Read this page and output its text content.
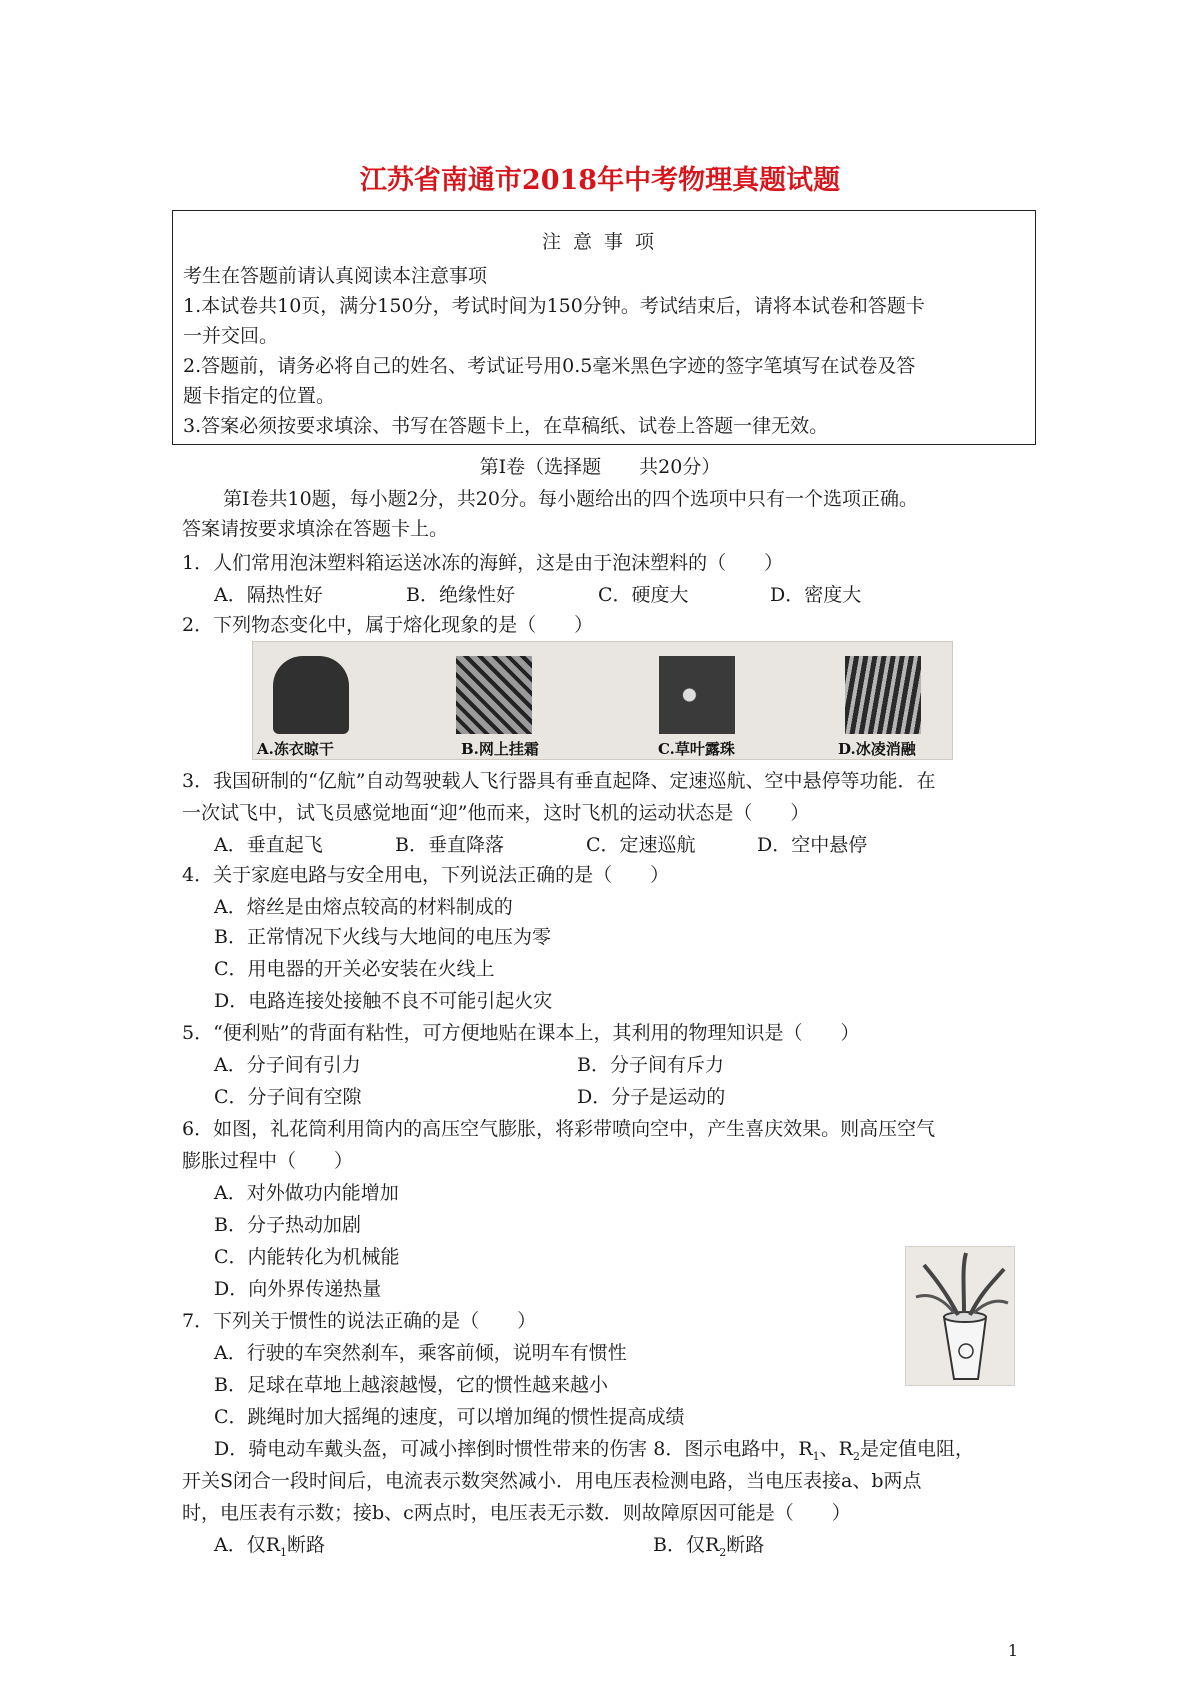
江苏省南通市2018年中考物理真题试题
注意事项
考生在答题前请认真阅读本注意事项
1.本试卷共10页，满分150分，考试时间为150分钟。考试结束后，请将本试卷和答题卡
一并交回。
2.答题前，请务必将自己的姓名、考试证号用0.5毫米黑色字迹的签字笔填写在试卷及答
题卡指定的位置。
3.答案必须按要求填涂、书写在答题卡上，在草稿纸、试卷上答题一律无效。
第Ⅰ卷（选择题　　共20分）
第Ⅰ卷共10题，每小题2分，共20分。每小题给出的四个选项中只有一个选项正确。
答案请按要求填涂在答题卡上。
1．人们常用泡沫塑料箱运送冰冻的海鲜，这是由于泡沫塑料的（　　）
A．隔热性好	B．绝缘性好	C．硬度大	D．密度大
2．下列物态变化中，属于熔化现象的是（　　）
A.冻衣晾干	B.网上挂霜	C.草叶露珠	D.冰凌消融
3．我国研制的“亿航”自动驾驶载人飞行器具有垂直起降、定速巡航、空中悬停等功能．在
一次试飞中，试飞员感觉地面“迎”他而来，这时飞机的运动状态是（　　）
A．垂直起飞	B．垂直降落	C．定速巡航	D．空中悬停
4．关于家庭电路与安全用电，下列说法正确的是（　　）
A．熔丝是由熔点较高的材料制成的
B．正常情况下火线与大地间的电压为零
C．用电器的开关必安装在火线上
D．电路连接处接触不良不可能引起火灾
5．“便利贴”的背面有粘性，可方便地贴在课本上，其利用的物理知识是（　　）
A．分子间有引力	B．分子间有斥力
C．分子间有空隙	D．分子是运动的
6．如图，礼花筒利用筒内的高压空气膨胀，将彩带喷向空中，产生喜庆效果。则高压空气
膨胀过程中（　　）
A．对外做功内能增加
B．分子热动加剧
C．内能转化为机械能
D．向外界传递热量
7．下列关于惯性的说法正确的是（　　）
A．行驶的车突然刹车，乘客前倾，说明车有惯性
B．足球在草地上越滚越慢，它的惯性越来越小
C．跳绳时加大摇绳的速度，可以增加绳的惯性提高成绩
D．骑电动车戴头盔，可减小摔倒时惯性带来的伤害 8．图示电路中，$R_1$、$R_2$是定值电阻，
开关S闭合一段时间后，电流表示数突然减小．用电压表检测电路，当电压表接a、b两点
时，电压表有示数；接b、c两点时，电压表无示数．则故障原因可能是（　　）
A．仅$R_1$断路	B．仅$R_2$断路
1
